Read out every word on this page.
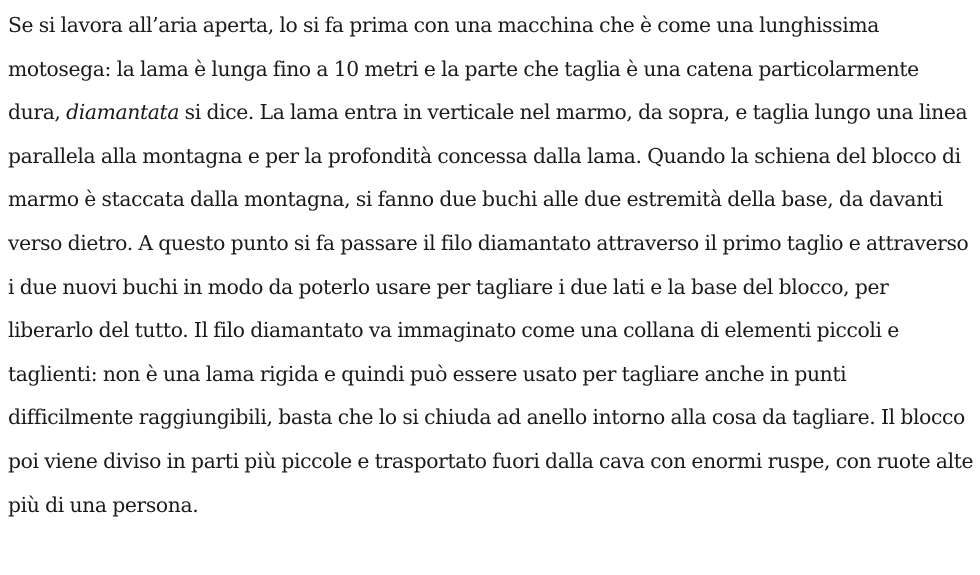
Se si lavora all’aria aperta, lo si fa prima con una macchina che è come una lunghissima motosega: la lama è lunga fino a 10 metri e la parte che taglia è una catena particolarmente dura, diamantata si dice. La lama entra in verticale nel marmo, da sopra, e taglia lungo una linea parallela alla montagna e per la profondità concessa dalla lama. Quando la schiena del blocco di marmo è staccata dalla montagna, si fanno due buchi alle due estremità della base, da davanti verso dietro. A questo punto si fa passare il filo diamantato attraverso il primo taglio e attraverso i due nuovi buchi in modo da poterlo usare per tagliare i due lati e la base del blocco, per liberarlo del tutto. Il filo diamantato va immaginato come una collana di elementi piccoli e taglienti: non è una lama rigida e quindi può essere usato per tagliare anche in punti difficilmente raggiungibili, basta che lo si chiuda ad anello intorno alla cosa da tagliare. Il blocco poi viene diviso in parti più piccole e trasportato fuori dalla cava con enormi ruspe, con ruote alte più di una persona.
